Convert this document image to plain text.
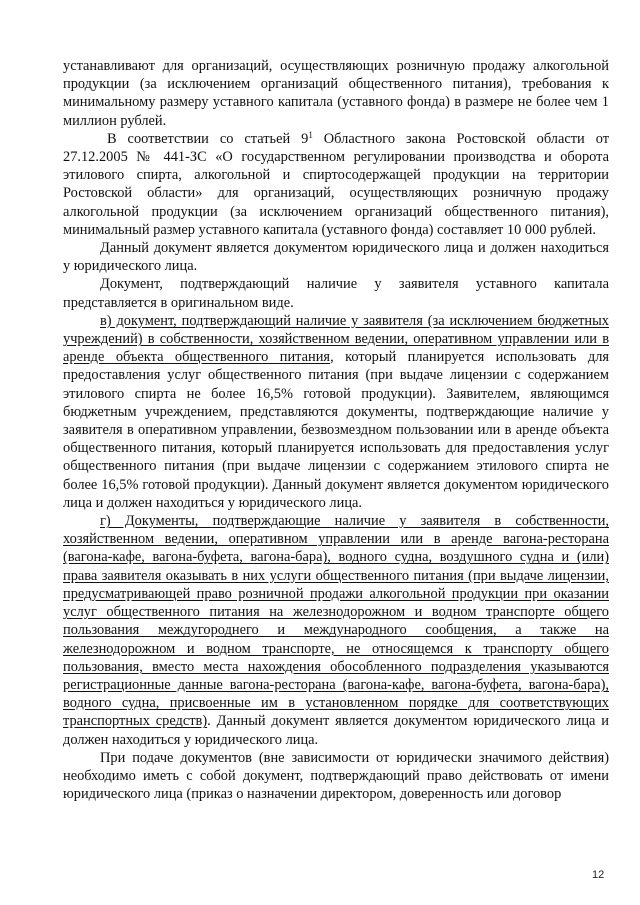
устанавливают для организаций, осуществляющих розничную продажу алкогольной продукции (за исключением организаций общественного питания), требования к минимальному размеру уставного капитала (уставного фонда) в размере не более чем 1 миллион рублей.

В соответствии со статьей $9^1$ Областного закона Ростовской области от 27.12.2005 № 441-ЗС «О государственном регулировании производства и оборота этилового спирта, алкогольной и спиртосодержащей продукции на территории Ростовской области» для организаций, осуществляющих розничную продажу алкогольной продукции (за исключением организаций общественного питания), минимальный размер уставного капитала (уставного фонда) составляет 10 000 рублей.

Данный документ является документом юридического лица и должен находиться у юридического лица.

Документ, подтверждающий наличие у заявителя уставного капитала представляется в оригинальном виде.

в) документ, подтверждающий наличие у заявителя (за исключением бюджетных учреждений) в собственности, хозяйственном ведении, оперативном управлении или в аренде объекта общественного питания, который планируется использовать для предоставления услуг общественного питания (при выдаче лицензии с содержанием этилового спирта не более 16,5% готовой продукции). Заявителем, являющимся бюджетным учреждением, представляются документы, подтверждающие наличие у заявителя в оперативном управлении, безвозмездном пользовании или в аренде объекта общественного питания, который планируется использовать для предоставления услуг общественного питания (при выдаче лицензии с содержанием этилового спирта не более 16,5% готовой продукции). Данный документ является документом юридического лица и должен находиться у юридического лица.

г) Документы, подтверждающие наличие у заявителя в собственности, хозяйственном ведении, оперативном управлении или в аренде вагона-ресторана (вагона-кафе, вагона-буфета, вагона-бара), водного судна, воздушного судна и (или) права заявителя оказывать в них услуги общественного питания (при выдаче лицензии, предусматривающей право розничной продажи алкогольной продукции при оказании услуг общественного питания на железнодорожном и водном транспорте общего пользования междугороднего и международного сообщения, а также на железнодорожном и водном транспорте, не относящемся к транспорту общего пользования, вместо места нахождения обособленного подразделения указываются регистрационные данные вагона-ресторана (вагона-кафе, вагона-буфета, вагона-бара), водного судна, присвоенные им в установленном порядке для соответствующих транспортных средств). Данный документ является документом юридического лица и должен находиться у юридического лица.

При подаче документов (вне зависимости от юридически значимого действия) необходимо иметь с собой документ, подтверждающий право действовать от имени юридического лица (приказ о назначении директором, доверенность или договор

12
